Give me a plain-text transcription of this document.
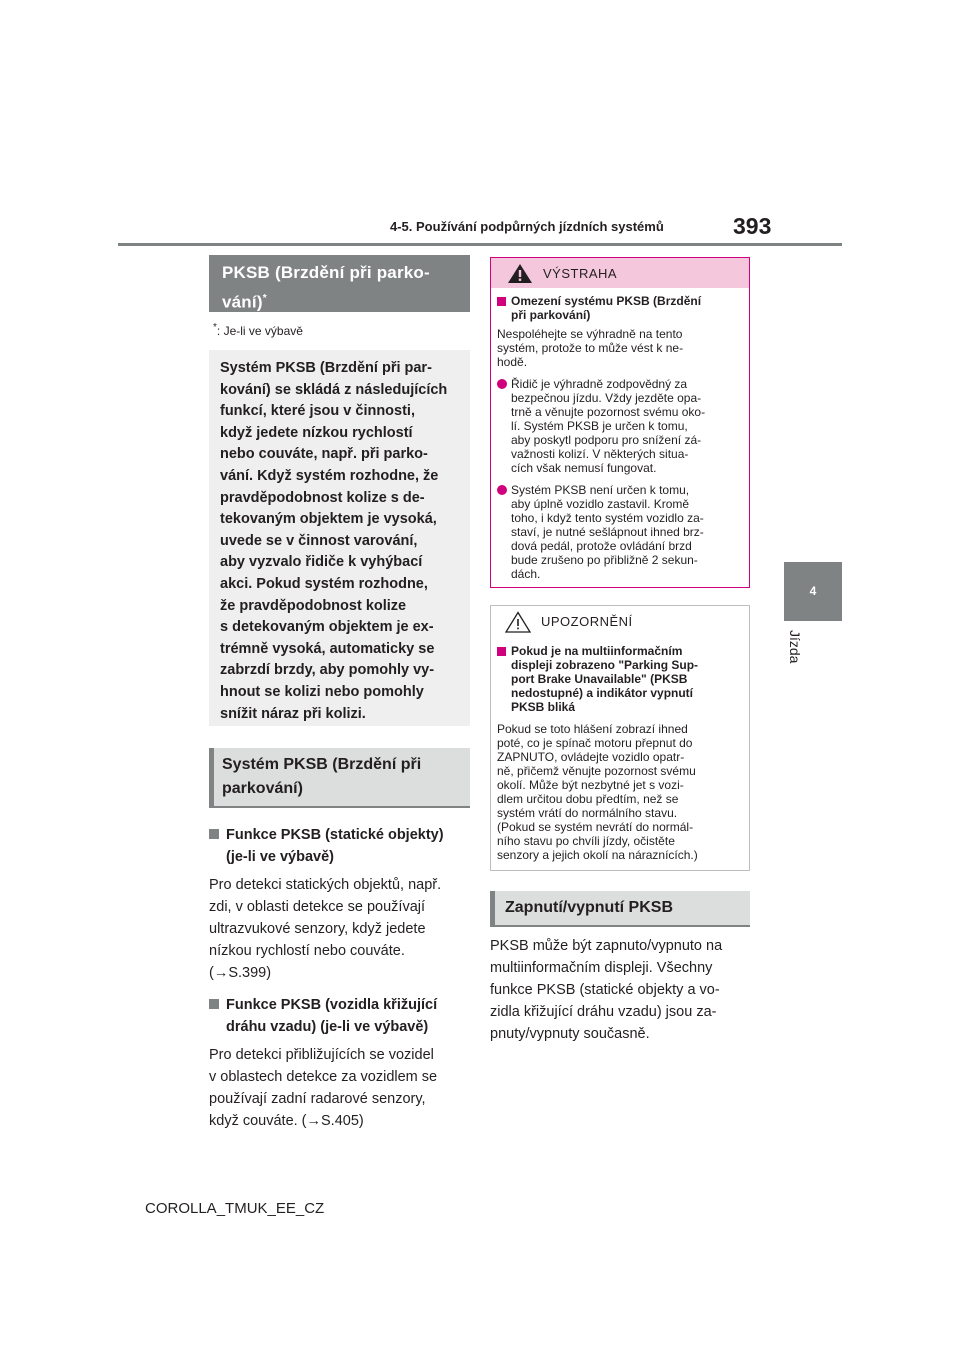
4-5. Používání podpůrných jízdních systémů	393
4
Jízda
PKSB (Brzdění při parko-
vání)*
*: Je-li ve výbavě
Systém PKSB (Brzdění při par-
kování) se skládá z následujících
funkcí, které jsou v činnosti,
když jedete nízkou rychlostí
nebo couváte, např. při parko-
vání. Když systém rozhodne, že
pravděpodobnost kolize s de-
tekovaným objektem je vysoká,
uvede se v činnost varování,
aby vyzvalo řidiče k vyhýbací
akci. Pokud systém rozhodne,
že pravděpodobnost kolize
s detekovaným objektem je ex-
trémně vysoká, automaticky se
zabrzdí brzdy, aby pomohly vy-
hnout se kolizi nebo pomohly
snížit náraz při kolizi.
Systém PKSB (Brzdění při
parkování)
Funkce PKSB (statické objekty)
(je-li ve výbavě)
Pro detekci statických objektů, např.
zdi, v oblasti detekce se používají
ultrazvukové senzory, když jedete
nízkou rychlostí nebo couváte.
(→S.399)
Funkce PKSB (vozidla křižující
dráhu vzadu) (je-li ve výbavě)
Pro detekci přibližujících se vozidel
v oblastech detekce za vozidlem se
používají zadní radarové senzory,
když couváte. (→S.405)
VÝSTRAHA
Omezení systému PKSB (Brzdění
při parkování)
Nespoléhejte se výhradně na tento
systém, protože to může vést k ne-
hodě.
Řidič je výhradně zodpovědný za
bezpečnou jízdu. Vždy jezděte opa-
trně a věnujte pozornost svému oko-
lí. Systém PKSB je určen k tomu,
aby poskytl podporu pro snížení zá-
važnosti kolizí. V některých situa-
cích však nemusí fungovat.
Systém PKSB není určen k tomu,
aby úplně vozidlo zastavil. Kromě
toho, i když tento systém vozidlo za-
staví, je nutné sešlápnout ihned brz-
dová pedál, protože ovládání brzd
bude zrušeno po přibližně 2 sekun-
dách.
UPOZORNĚNÍ
Pokud je na multiinformačním
displeji zobrazeno "Parking Sup-
port Brake Unavailable" (PKSB
nedostupné) a indikátor vypnutí
PKSB bliká
Pokud se toto hlášení zobrazí ihned
poté, co je spínač motoru přepnut do
ZAPNUTO, ovládejte vozidlo opatr-
ně, přičemž věnujte pozornost svému
okolí. Může být nezbytné jet s vozi-
dlem určitou dobu předtím, než se
systém vrátí do normálního stavu.
(Pokud se systém nevrátí do normál-
ního stavu po chvíli jízdy, očistěte
senzory a jejich okolí na náraznících.)
Zapnutí/vypnutí PKSB
PKSB může být zapnuto/vypnuto na
multiinformačním displeji. Všechny
funkce PKSB (statické objekty a vo-
zidla křižující dráhu vzadu) jsou za-
pnuty/vypnuty současně.
COROLLA_TMUK_EE_CZ
